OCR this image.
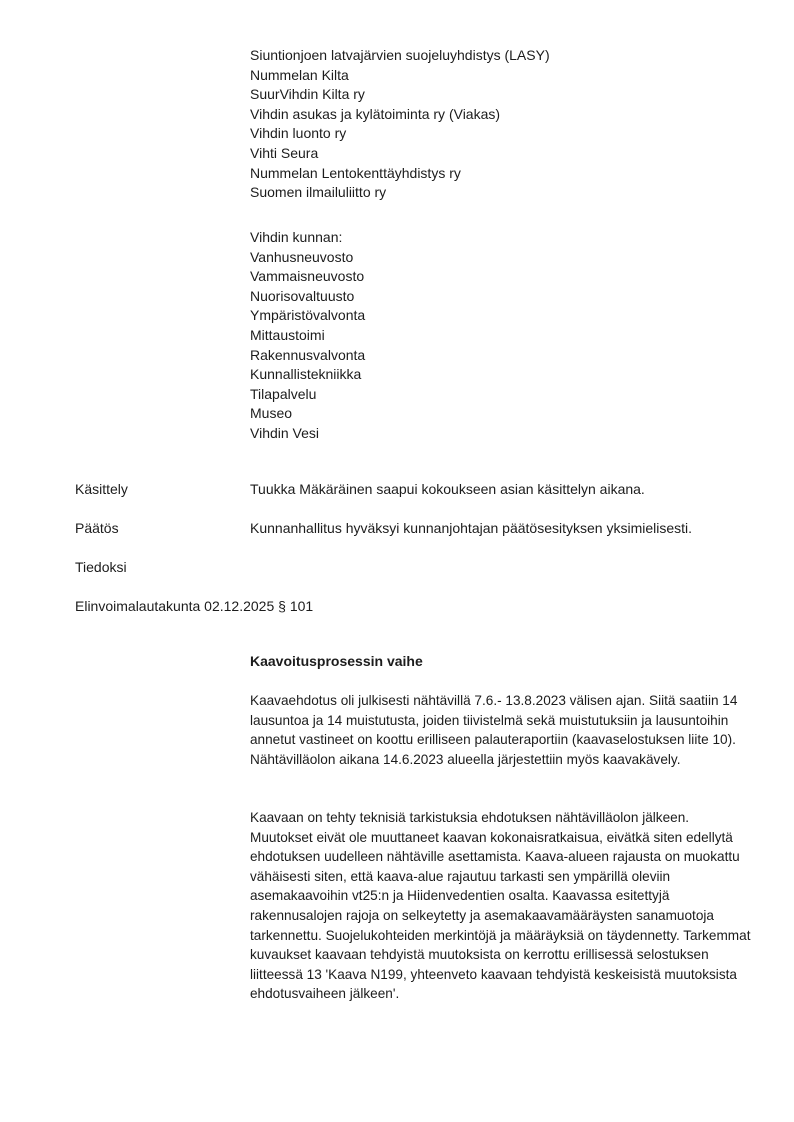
Siuntionjoen latvajärvien suojeluyhdistys (LASY)
Nummelan Kilta
SuurVihdin Kilta ry
Vihdin asukas ja kylätoiminta ry (Viakas)
Vihdin luonto ry
Vihti Seura
Nummelan Lentokenttäyhdistys ry
Suomen ilmailuliitto ry
Vihdin kunnan:
Vanhusneuvosto
Vammaisneuvosto
Nuorisovaltuusto
Ympäristövalvonta
Mittaustoimi
Rakennusvalvonta
Kunnallistekniikka
Tilapalvelu
Museo
Vihdin Vesi
Käsittely	Tuukka Mäkäräinen saapui kokoukseen asian käsittelyn aikana.
Päätös	Kunnanhallitus hyväksyi kunnanjohtajan päätösesityksen yksimielisesti.
Tiedoksi
Elinvoimalautakunta 02.12.2025 § 101
Kaavoitusprosessin vaihe
Kaavaehdotus oli julkisesti nähtävillä 7.6.- 13.8.2023 välisen ajan. Siitä saatiin 14 lausuntoa ja 14 muistutusta, joiden tiivistelmä sekä muistutuksiin ja lausuntoihin annetut vastineet on koottu erilliseen palauteraportiin (kaavaselostuksen liite 10). Nähtävilläolon aikana 14.6.2023 alueella järjestettiin myös kaavakävely.
Kaavaan on tehty teknisiä tarkistuksia ehdotuksen nähtävilläolon jälkeen. Muutokset eivät ole muuttaneet kaavan kokonaisratkaisua, eivätkä siten edellytä ehdotuksen uudelleen nähtäville asettamista. Kaava-alueen rajausta on muokattu vähäisesti siten, että kaava-alue rajautuu tarkasti sen ympärillä oleviin asemakaavoihin vt25:n ja Hiidenvedentien osalta. Kaavassa esitettyjä rakennusalojen rajoja on selkeytetty ja asemakaavamääräysten sanamuotoja tarkennettu. Suojelukohteiden merkintöjä ja määräyksiä on täydennetty. Tarkemmat kuvaukset kaavaan tehdyistä muutoksista on kerrottu erillisessä selostuksen liitteessä 13 'Kaava N199, yhteenveto kaavaan tehdyistä keskeisistä muutoksista ehdotusvaiheen jälkeen'.
